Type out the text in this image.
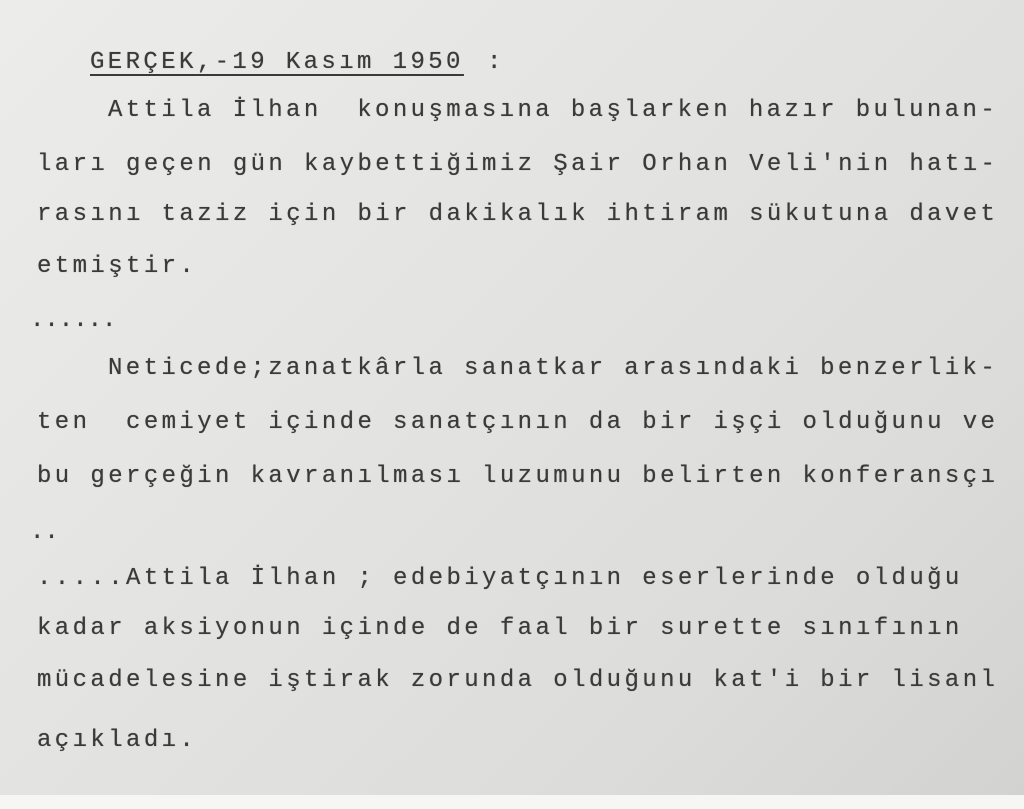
GERÇEK,-19 Kasım 1950 :
Attila İlhan  konuşmasına başlarken hazır bulunan-
ları geçen gün kaybettiğimiz Şair Orhan Veli'nin hatı-
rasını taziz için bir dakikalık ihtiram sükutuna davet
etmiştir.
......
Neticede;zanatkârla sanatkar arasındaki benzerlik-
ten  cemiyet içinde sanatçının da bir işçi olduğunu ve
bu gerçeğin kavranılması luzumunu belirten konferansçı
..
.....Attila İlhan ; edebiyatçının eserlerinde olduğu
kadar aksiyonun içinde de faal bir surette sınıfının
mücadelesine iştirak zorunda olduğunu kat'i bir lisanl
açıkladı.
